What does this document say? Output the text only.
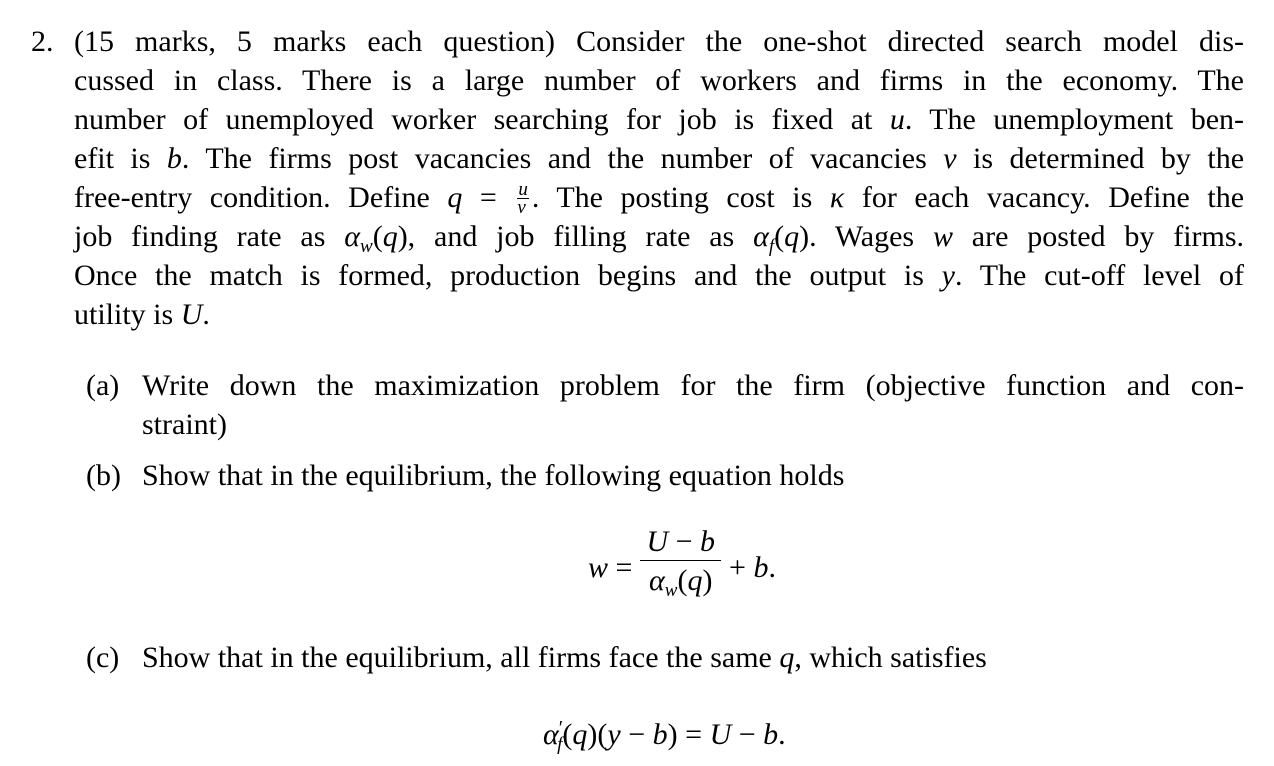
2. (15 marks, 5 marks each question) Consider the one-shot directed search model dis-
cussed in class. There is a large number of workers and firms in the economy. The
number of unemployed worker searching for job is fixed at u. The unemployment ben-
efit is b. The firms post vacancies and the number of vacancies v is determined by the
free-entry condition. Define $q = \frac{u}{v}$ . The posting cost is κ for each vacancy. Define the
job finding rate as $\alpha_w(q)$, and job filling rate as $\alpha_f(q)$. Wages w are posted by firms.
Once the match is formed, production begins and the output is y. The cut-off level of
utility is U.
(a) Write down the maximization problem for the firm (objective function and con-
straint)
(b) Show that in the equilibrium, the following equation holds
$w = \frac{U - b}{\alpha_w(q)} + b$.
(c) Show that in the equilibrium, all firms face the same q, which satisfies
$\alpha'_f(q)(y - b) = U - b$.
